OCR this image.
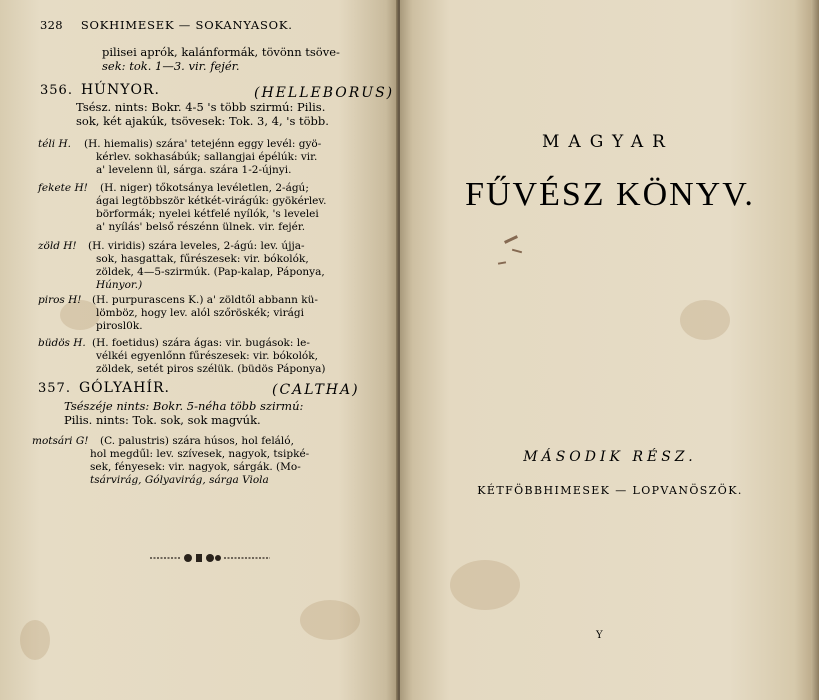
328 SOKHIMESEK — SOKANYASOK.
pilisei aprók, kalánformák, tövönn tsöve-
sek: tok. 1—3. vir. fejér.
356. HÚNYOR.	(HELLEBORUS)
Tsész. nints: Bokr. 4-5 's több szirmú: Pilis.
sok, két ajakúk, tsövesek: Tok. 3, 4, 's több.
téli H. (H. hiemalis) szára' tetejénn eggy levél: gyö-
kérlev. sokhasábúk; sallangjai épélúk: vir.
a' levelenn ül, sárga. szára 1-2-újnyi.
fekete H! (H. niger) tőkotsánya levéletlen, 2-ágú;
ágai legtöbbször kétkét-virágúk: gyökérlev.
börformák; nyelei kétfelé nyílók, 's levelei
a' nyílás' belső részénn ülnek. vir. fejér.
zöld H! (H. viridis) szára leveles, 2-ágú: lev. újja-
sok, hasgattak, fűrészesek: vir. bókolók,
zöldek, 4—5-szirmúk. (Pap-kalap, Páponya,
Húnyor.)
piros H! (H. purpurascens K.) a' zöldtől abbann kü-
lömböz, hogy lev. alól szőröskék; virági
pirosl0k.
büdös H. (H. foetidus) szára ágas: vir. bugások: le-
vélkéi egyenlőnn fűrészesek: vir. bókolók,
zöldek, setét piros szélük. (büdös Páponya)
357. GÓLYAHÍR.	(CALTHA)
Tsészéje nints: Bokr. 5-néha több szirmú:
Pilis. nints: Tok. sok, sok magvúk.
motsári G! (C. palustris) szára húsos, hol feláló,
hol megdűl: lev. szívesek, nagyok, tsipké-
sek, fényesek: vir. nagyok, sárgák. (Mo-
tsárvirág, Gólyavirág, sárga Viola
MAGYAR
FŰVÉSZ KÖNYV.
MÁSODIK RÉSZ.
KÉTFÖBBHIMESEK — LOPVANÖSZÖK.
Y
